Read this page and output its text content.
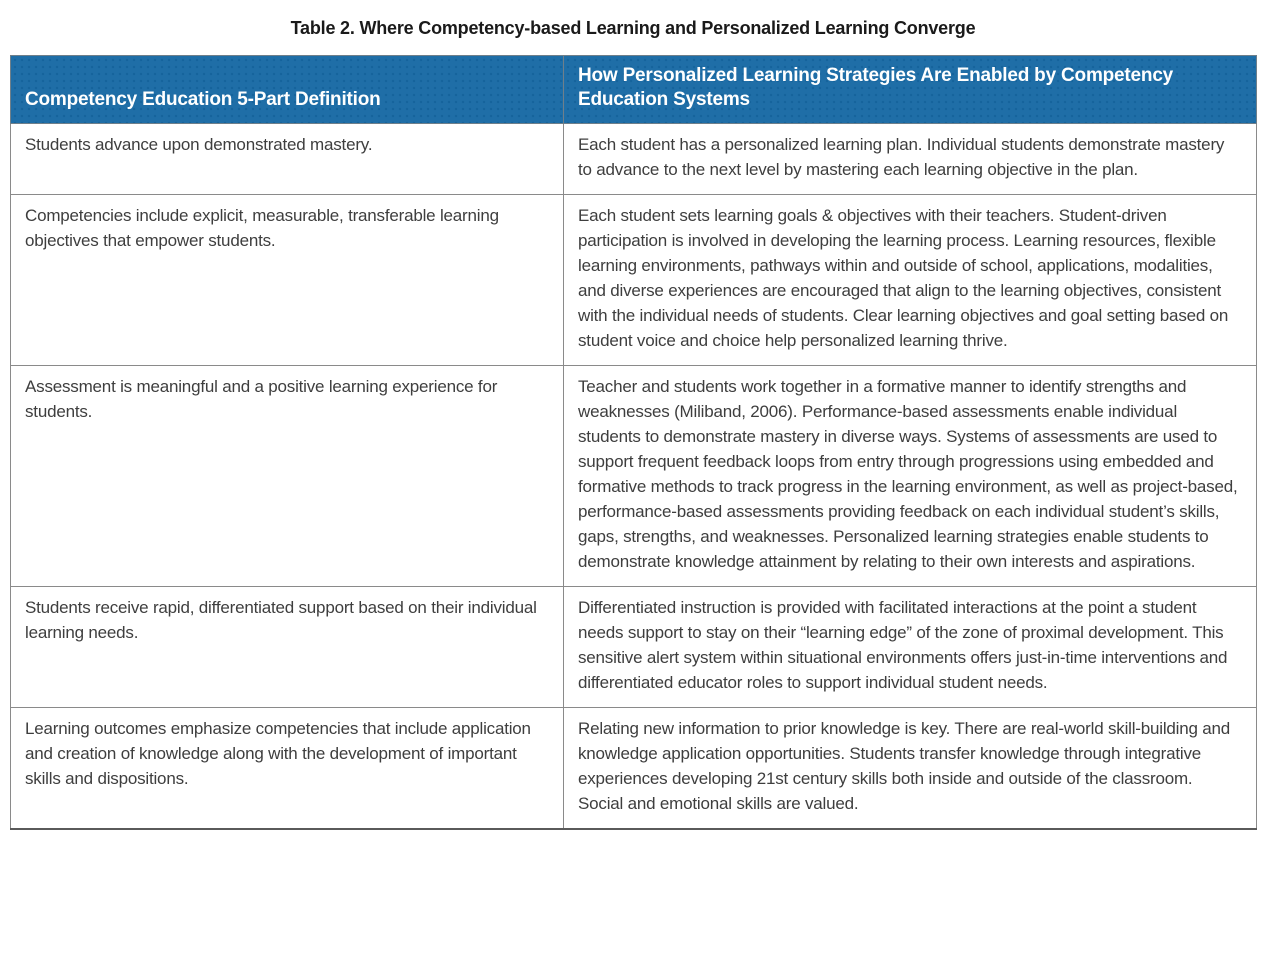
Table 2. Where Competency-based Learning and Personalized Learning Converge
Competency Education 5-Part Definition	How Personalized Learning Strategies Are Enabled by Competency Education Systems
Students advance upon demonstrated mastery.	Each student has a personalized learning plan. Individual students demonstrate mastery to advance to the next level by mastering each learning objective in the plan.
Competencies include explicit, measurable, transferable learning objectives that empower students.	Each student sets learning goals & objectives with their teachers. Student-driven participation is involved in developing the learning process. Learning resources, flexible learning environments, pathways within and outside of school, applications, modalities, and diverse experiences are encouraged that align to the learning objectives, consistent with the individual needs of students. Clear learning objectives and goal setting based on student voice and choice help personalized learning thrive.
Assessment is meaningful and a positive learning experience for students.	Teacher and students work together in a formative manner to identify strengths and weaknesses (Miliband, 2006). Performance-based assessments enable individual students to demonstrate mastery in diverse ways. Systems of assessments are used to support frequent feedback loops from entry through progressions using embedded and formative methods to track progress in the learning environment, as well as project-based, performance-based assessments providing feedback on each individual student’s skills, gaps, strengths, and weaknesses. Personalized learning strategies enable students to demonstrate knowledge attainment by relating to their own interests and aspirations.
Students receive rapid, differentiated support based on their individual learning needs.	Differentiated instruction is provided with facilitated interactions at the point a student needs support to stay on their “learning edge” of the zone of proximal development. This sensitive alert system within situational environments offers just-in-time interventions and differentiated educator roles to support individual student needs.
Learning outcomes emphasize competencies that include application and creation of knowledge along with the development of important skills and dispositions.	Relating new information to prior knowledge is key. There are real-world skill-building and knowledge application opportunities. Students transfer knowledge through integrative experiences developing 21st century skills both inside and outside of the classroom. Social and emotional skills are valued.
